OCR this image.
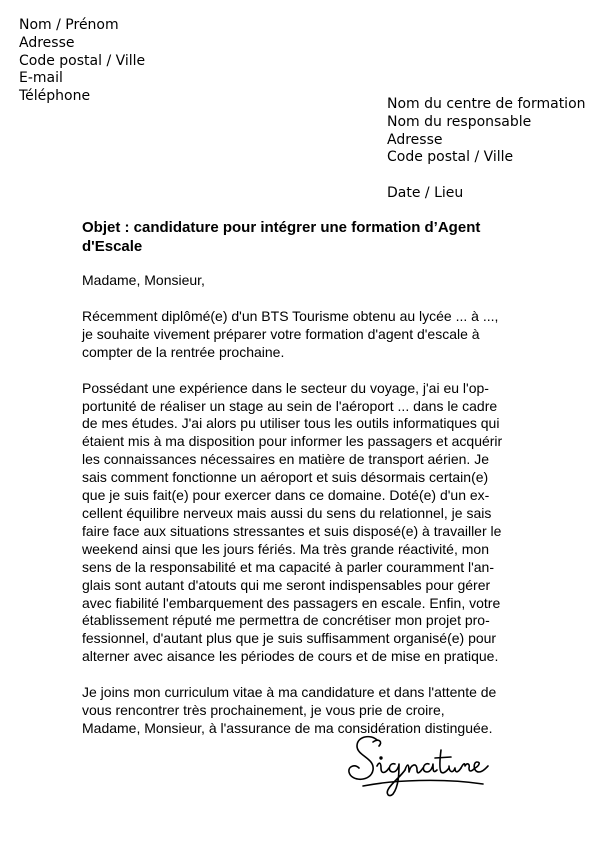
Nom / Prénom
Adresse
Code postal / Ville
E-mail
Téléphone	Nom du centre de formation
Nom du responsable
Adresse
Code postal / Ville
Date / Lieu
Objet : candidature pour intégrer une formation d’Agent
d'Escale

Madame, Monsieur,

Récemment diplômé(e) d'un BTS Tourisme obtenu au lycée ... à ...,
je souhaite vivement préparer votre formation d'agent d'escale à
compter de la rentrée prochaine.
Possédant une expérience dans le secteur du voyage, j'ai eu l'op-
portunité de réaliser un stage au sein de l'aéroport ... dans le cadre
de mes études. J'ai alors pu utiliser tous les outils informatiques qui
étaient mis à ma disposition pour informer les passagers et acquérir
les connaissances nécessaires en matière de transport aérien. Je
sais comment fonctionne un aéroport et suis désormais certain(e)
que je suis fait(e) pour exercer dans ce domaine. Doté(e) d'un ex-
cellent équilibre nerveux mais aussi du sens du relationnel, je sais
faire face aux situations stressantes et suis disposé(e) à travailler le
weekend ainsi que les jours fériés. Ma très grande réactivité, mon
sens de la responsabilité et ma capacité à parler couramment l'an-
glais sont autant d'atouts qui me seront indispensables pour gérer
avec fiabilité l'embarquement des passagers en escale. Enfin, votre
établissement réputé me permettra de concrétiser mon projet pro-
fessionnel, d'autant plus que je suis suffisamment organisé(e) pour
alterner avec aisance les périodes de cours et de mise en pratique.
Je joins mon curriculum vitae à ma candidature et dans l'attente de
vous rencontrer très prochainement, je vous prie de croire,
Madame, Monsieur, à l'assurance de ma considération distinguée.
